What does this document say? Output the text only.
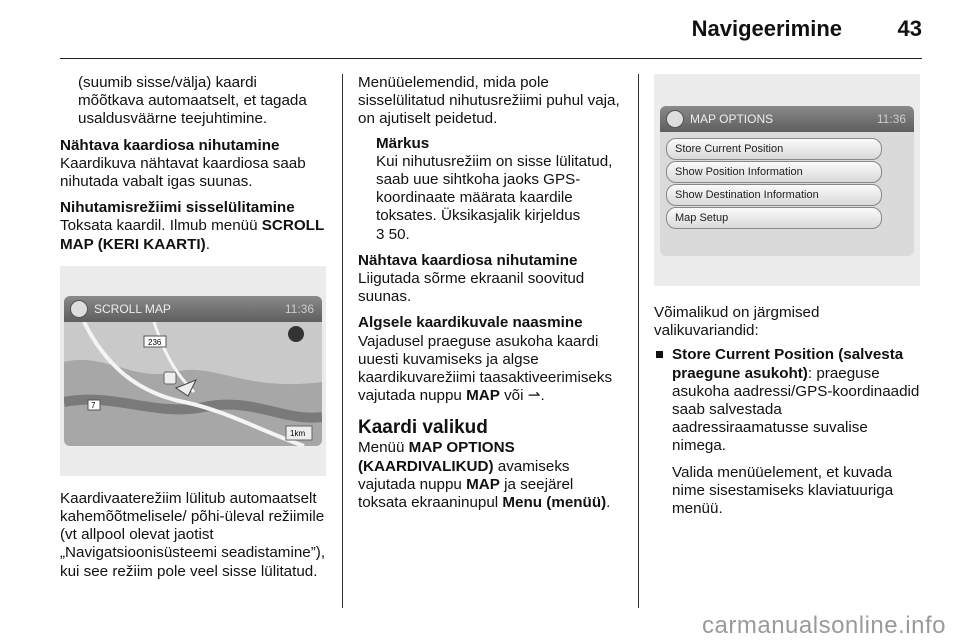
Navigeerimine	43

(suumib sisse/välja) kaardi mõõtkava automaatselt, et tagada usaldusväärne teejuhtimine.

Nähtava kaardiosa nihutamine

Kaardikuva nähtavat kaardiosa saab nihutada vabalt igas suunas.

Nihutamisrežiimi sisselülitamine

Toksata kaardil. Ilmub menüü SCROLL MAP (KERI KAARTI).

SCROLL MAP	11:36
236
7
1km

Kaardivaaterežiim lülitub automaatselt kahemõõtmelisele/ põhi-üleval režiimile (vt allpool olevat jaotist „Navigatsioonisüsteemi seadistamine”), kui see režiim pole veel sisse lülitatud.

Menüüelemendid, mida pole sisselülitatud nihutusrežiimi puhul vaja, on ajutiselt peidetud.

Märkus

Kui nihutusrežiim on sisse lülitatud, saab uue sihtkoha jaoks GPS-koordinaate määrata kaardile toksates. Üksikasjalik kirjeldus

3 50.

Nähtava kaardiosa nihutamine

Liigutada sõrme ekraanil soovitud suunas.

Algsele kaardikuvale naasmine

Vajadusel praeguse asukoha kaardi uuesti kuvamiseks ja algse kaardikuvarežiimi taasaktiveerimiseks vajutada nuppu MAP või ⇀.

Kaardi valikud

Menüü MAP OPTIONS (KAARDIVALIKUD) avamiseks vajutada nuppu MAP ja seejärel toksata ekraaninupul Menu (menüü).

MAP OPTIONS	11:36
Store Current Position
Show Position Information
Show Destination Information
Map Setup

Võimalikud on järgmised valikuvariandid:

Store Current Position (salvesta praegune asukoht): praeguse asukoha aadressi/GPS-koordinaadid saab salvestada aadressiraamatusse suvalise nimega.

Valida menüüelement, et kuvada nime sisestamiseks klaviatuuriga menüü.

carmanualsonline.info
